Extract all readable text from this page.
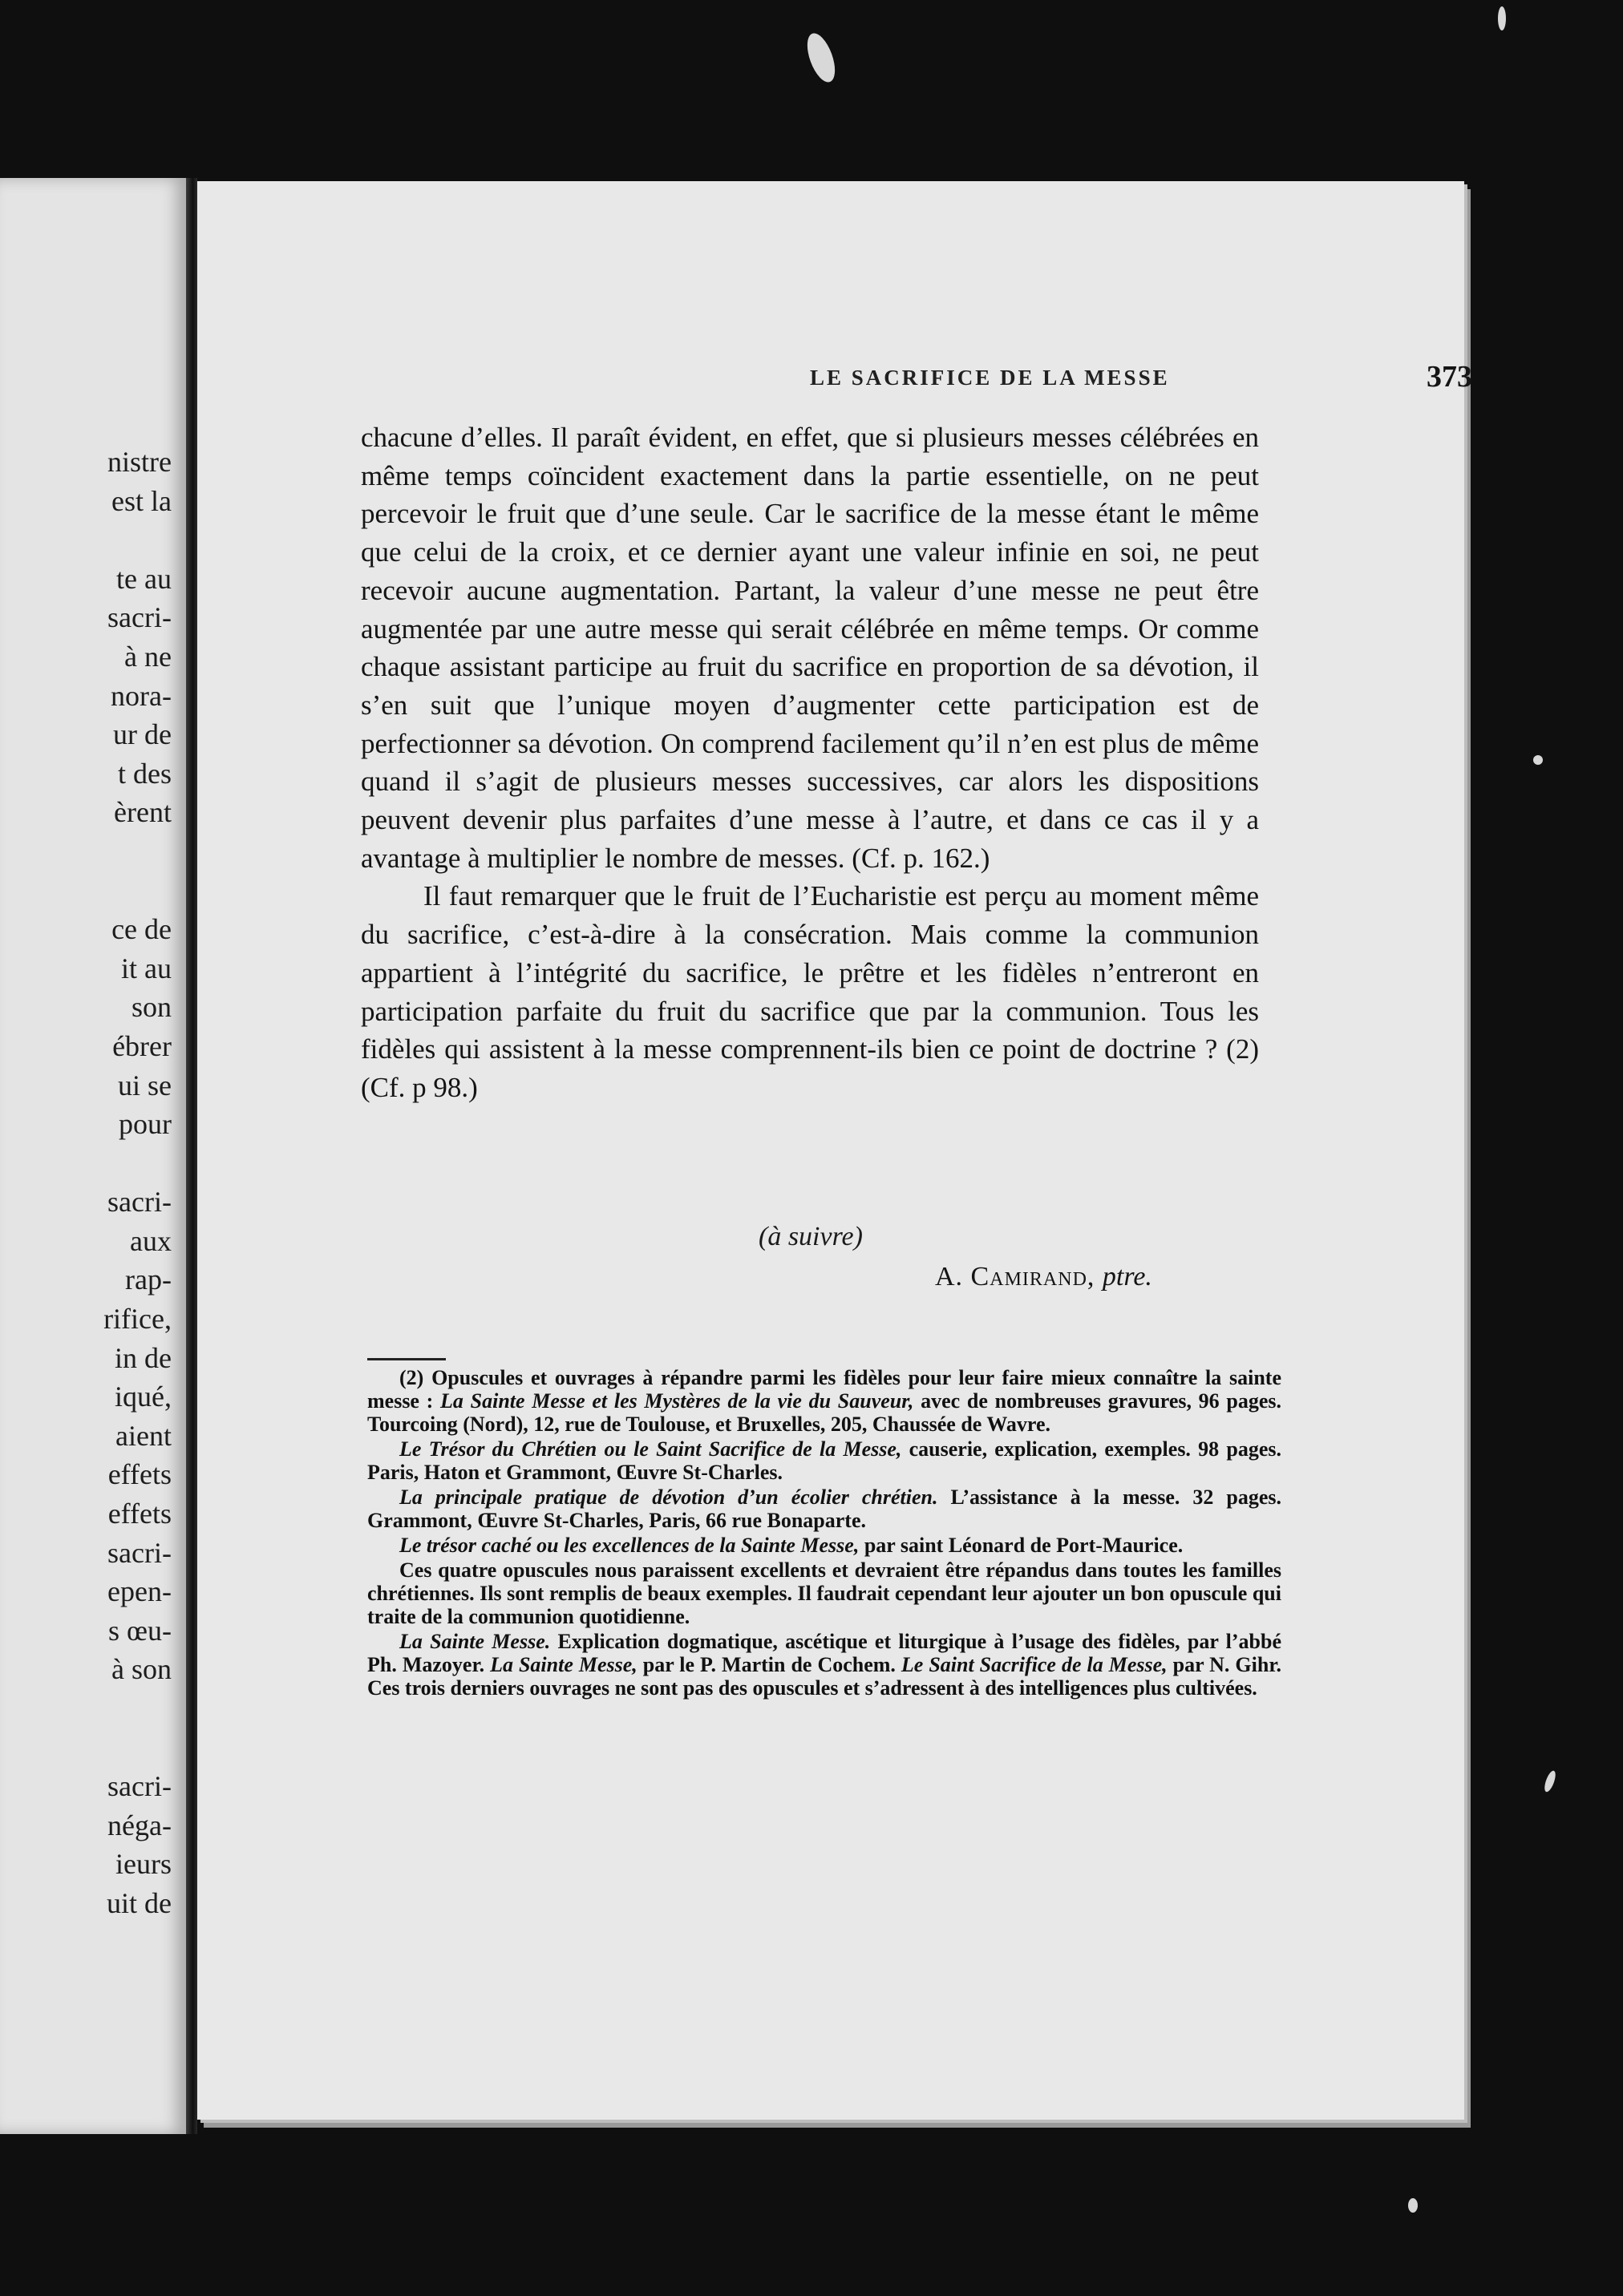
nistre
est la
te au
sacri-
à ne
nora-
ur de
t des
èrent
ce de
it au
son
ébrer
ui se
pour
sacri-
aux
rap-
rifice,
in de
iqué,
aient
effets
effets
sacri-
epen-
s œu-
à son
sacri-
néga-
ieurs
uit de
LE SACRIFICE DE LA MESSE	373

chacune d’elles. Il paraît évident, en effet, que si plusieurs messes célébrées en même temps coïncident exactement dans la partie essentielle, on ne peut percevoir le fruit que d’une seule. Car le sacrifice de la messe étant le même que celui de la croix, et ce dernier ayant une valeur infinie en soi, ne peut recevoir aucune augmentation. Partant, la valeur d’une messe ne peut être augmentée par une autre messe qui serait célébrée en même temps. Or comme chaque assistant participe au fruit du sacrifice en proportion de sa dévotion, il s’en suit que l’unique moyen d’augmenter cette participation est de perfectionner sa dévotion. On comprend facilement qu’il n’en est plus de même quand il s’agit de plusieurs messes successives, car alors les dispositions peuvent devenir plus parfaites d’une messe à l’autre, et dans ce cas il y a avantage à multiplier le nombre de messes. (Cf. p. 162.)

Il faut remarquer que le fruit de l’Eucharistie est perçu au moment même du sacrifice, c’est-à-dire à la consécration. Mais comme la communion appartient à l’intégrité du sacrifice, le prêtre et les fidèles n’entreront en participation parfaite du fruit du sacrifice que par la communion. Tous les fidèles qui assistent à la messe comprennent-ils bien ce point de doctrine ? (2) (Cf. p 98.)

(à suivre)
A. Camirand, ptre.

(2) Opuscules et ouvrages à répandre parmi les fidèles pour leur faire mieux connaître la sainte messe : La Sainte Messe et les Mystères de la vie du Sauveur, avec de nombreuses gravures, 96 pages. Tourcoing (Nord), 12, rue de Toulouse, et Bruxelles, 205, Chaussée de Wavre.

Le Trésor du Chrétien ou le Saint Sacrifice de la Messe, causerie, explication, exemples. 98 pages. Paris, Haton et Grammont, Œuvre St-Charles.

La principale pratique de dévotion d’un écolier chrétien. L’assistance à la messe. 32 pages. Grammont, Œuvre St-Charles, Paris, 66 rue Bonaparte.

Le trésor caché ou les excellences de la Sainte Messe, par saint Léonard de Port-Maurice.

Ces quatre opuscules nous paraissent excellents et devraient être répandus dans toutes les familles chrétiennes. Ils sont remplis de beaux exemples. Il faudrait cependant leur ajouter un bon opuscule qui traite de la communion quotidienne.

La Sainte Messe. Explication dogmatique, ascétique et liturgique à l’usage des fidèles, par l’abbé Ph. Mazoyer. La Sainte Messe, par le P. Martin de Cochem. Le Saint Sacrifice de la Messe, par N. Gihr. Ces trois derniers ouvrages ne sont pas des opuscules et s’adressent à des intelligences plus cultivées.
